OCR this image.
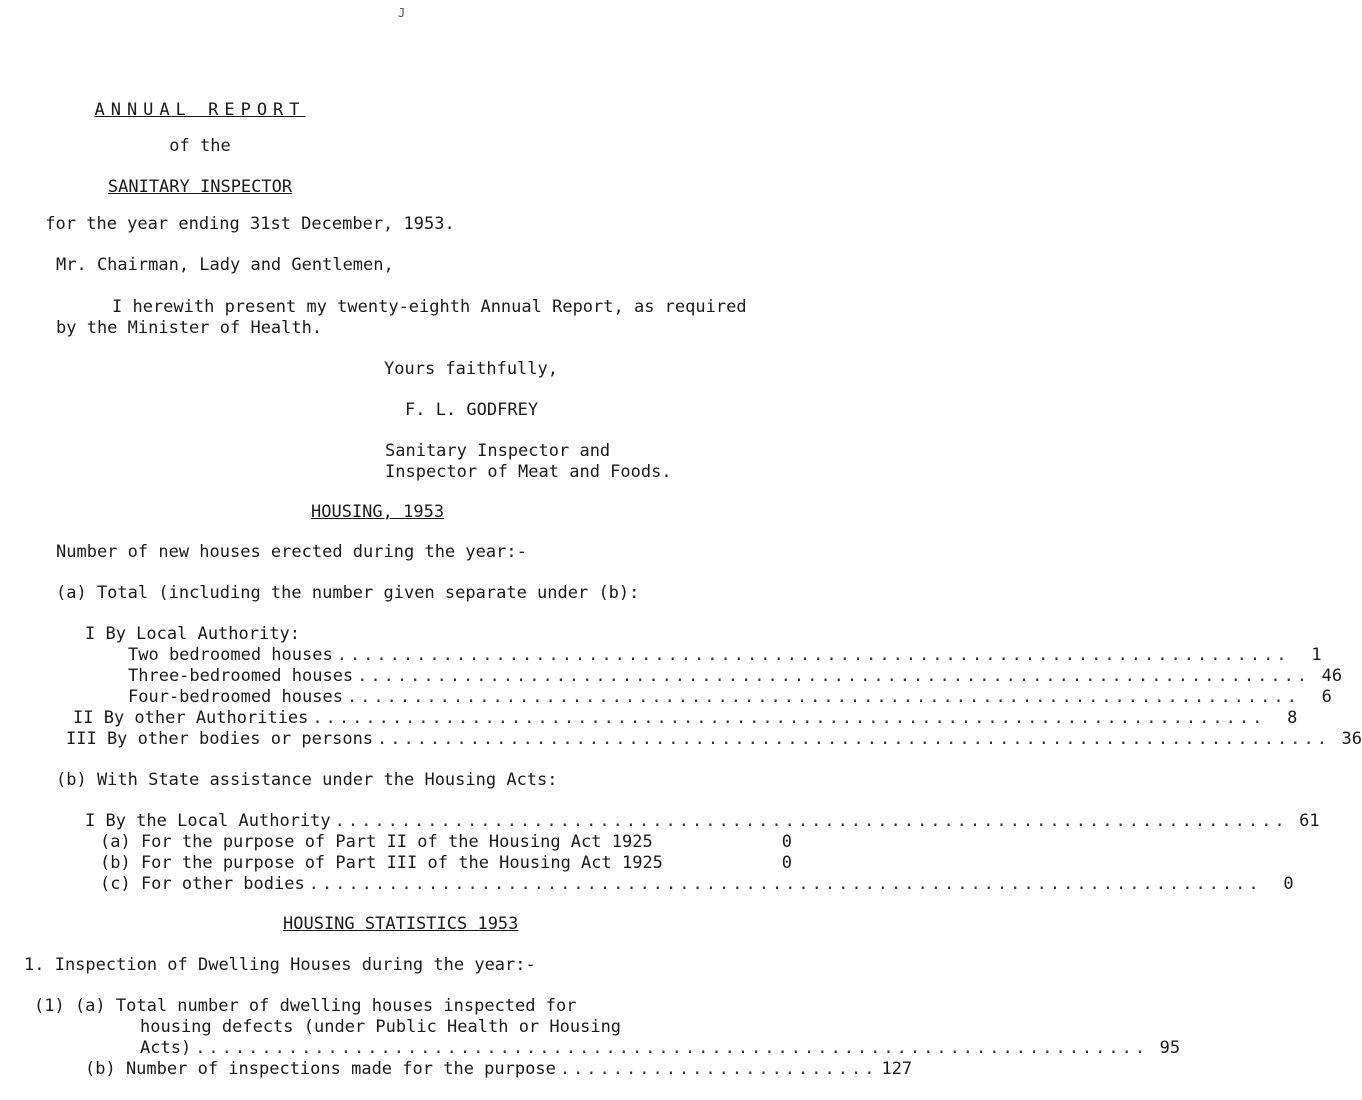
J
ANNUAL REPORT
of the
SANITARY INSPECTOR
for the year ending 31st December, 1953.
Mr. Chairman, Lady and Gentlemen,
I herewith present my twenty-eighth Annual Report, as required
by the Minister of Health.
Yours faithfully,
F. L. GODFREY
Sanitary Inspector and
Inspector of Meat and Foods.
HOUSING, 1953
Number of new houses erected during the year:-
(a) Total (including the number given separate under (b):
I By Local Authority:
Two bedroomed houses ........................................................................	1
Three-bedroomed houses ........................................................................ 46
Four-bedroomed houses ........................................................................	6
II By other Authorities ........................................................................	8
III By other bodies or persons ........................................................................ 36
(b) With State assistance under the Housing Acts:
I By the Local Authority ........................................................................ 61
(a) For the purpose of Part II of the Housing Act 1925	0
(b) For the purpose of Part III of the Housing Act 1925	0
(c) For other bodies ........................................................................	0
HOUSING STATISTICS 1953
1. Inspection of Dwelling Houses during the year:-
(1) (a) Total number of dwelling houses inspected for
housing defects (under Public Health or Housing
Acts) ........................................................................ 95
(b) Number of inspections made for the purpose ........................ 127
